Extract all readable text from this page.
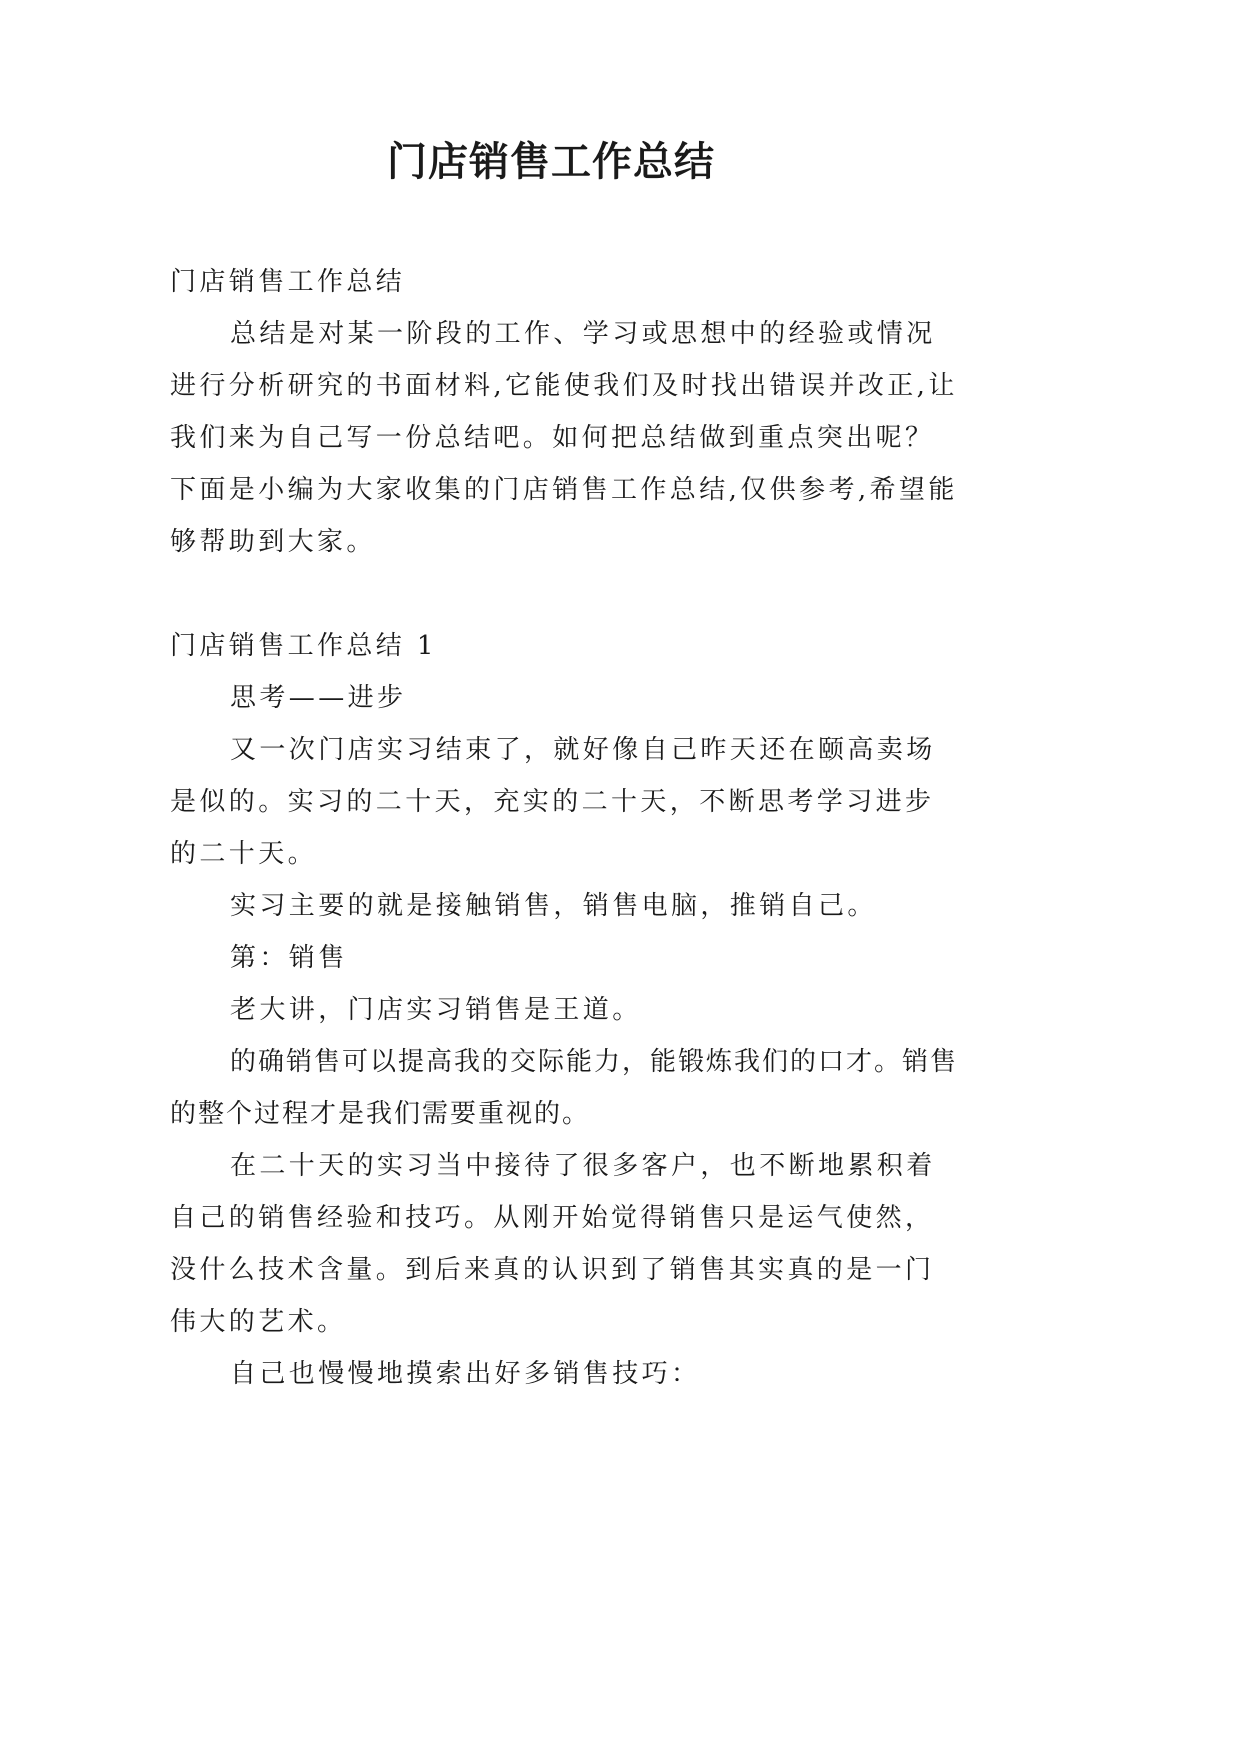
门店销售工作总结

门店销售工作总结

总结是对某一阶段的工作、学习或思想中的经验或情况进行分析研究的书面材料,它能使我们及时找出错误并改正,让我们来为自己写一份总结吧。如何把总结做到重点突出呢？下面是小编为大家收集的门店销售工作总结,仅供参考,希望能够帮助到大家。

门店销售工作总结 1

思考——进步

又一次门店实习结束了，就好像自己昨天还在颐高卖场是似的。实习的二十天，充实的二十天，不断思考学习进步的二十天。

实习主要的就是接触销售，销售电脑，推销自己。

第：销售

老大讲，门店实习销售是王道。

的确销售可以提高我的交际能力，能锻炼我们的口才。销售的整个过程才是我们需要重视的。

在二十天的实习当中接待了很多客户，也不断地累积着自己的销售经验和技巧。从刚开始觉得销售只是运气使然，没什么技术含量。到后来真的认识到了销售其实真的是一门伟大的艺术。

自己也慢慢地摸索出好多销售技巧：
